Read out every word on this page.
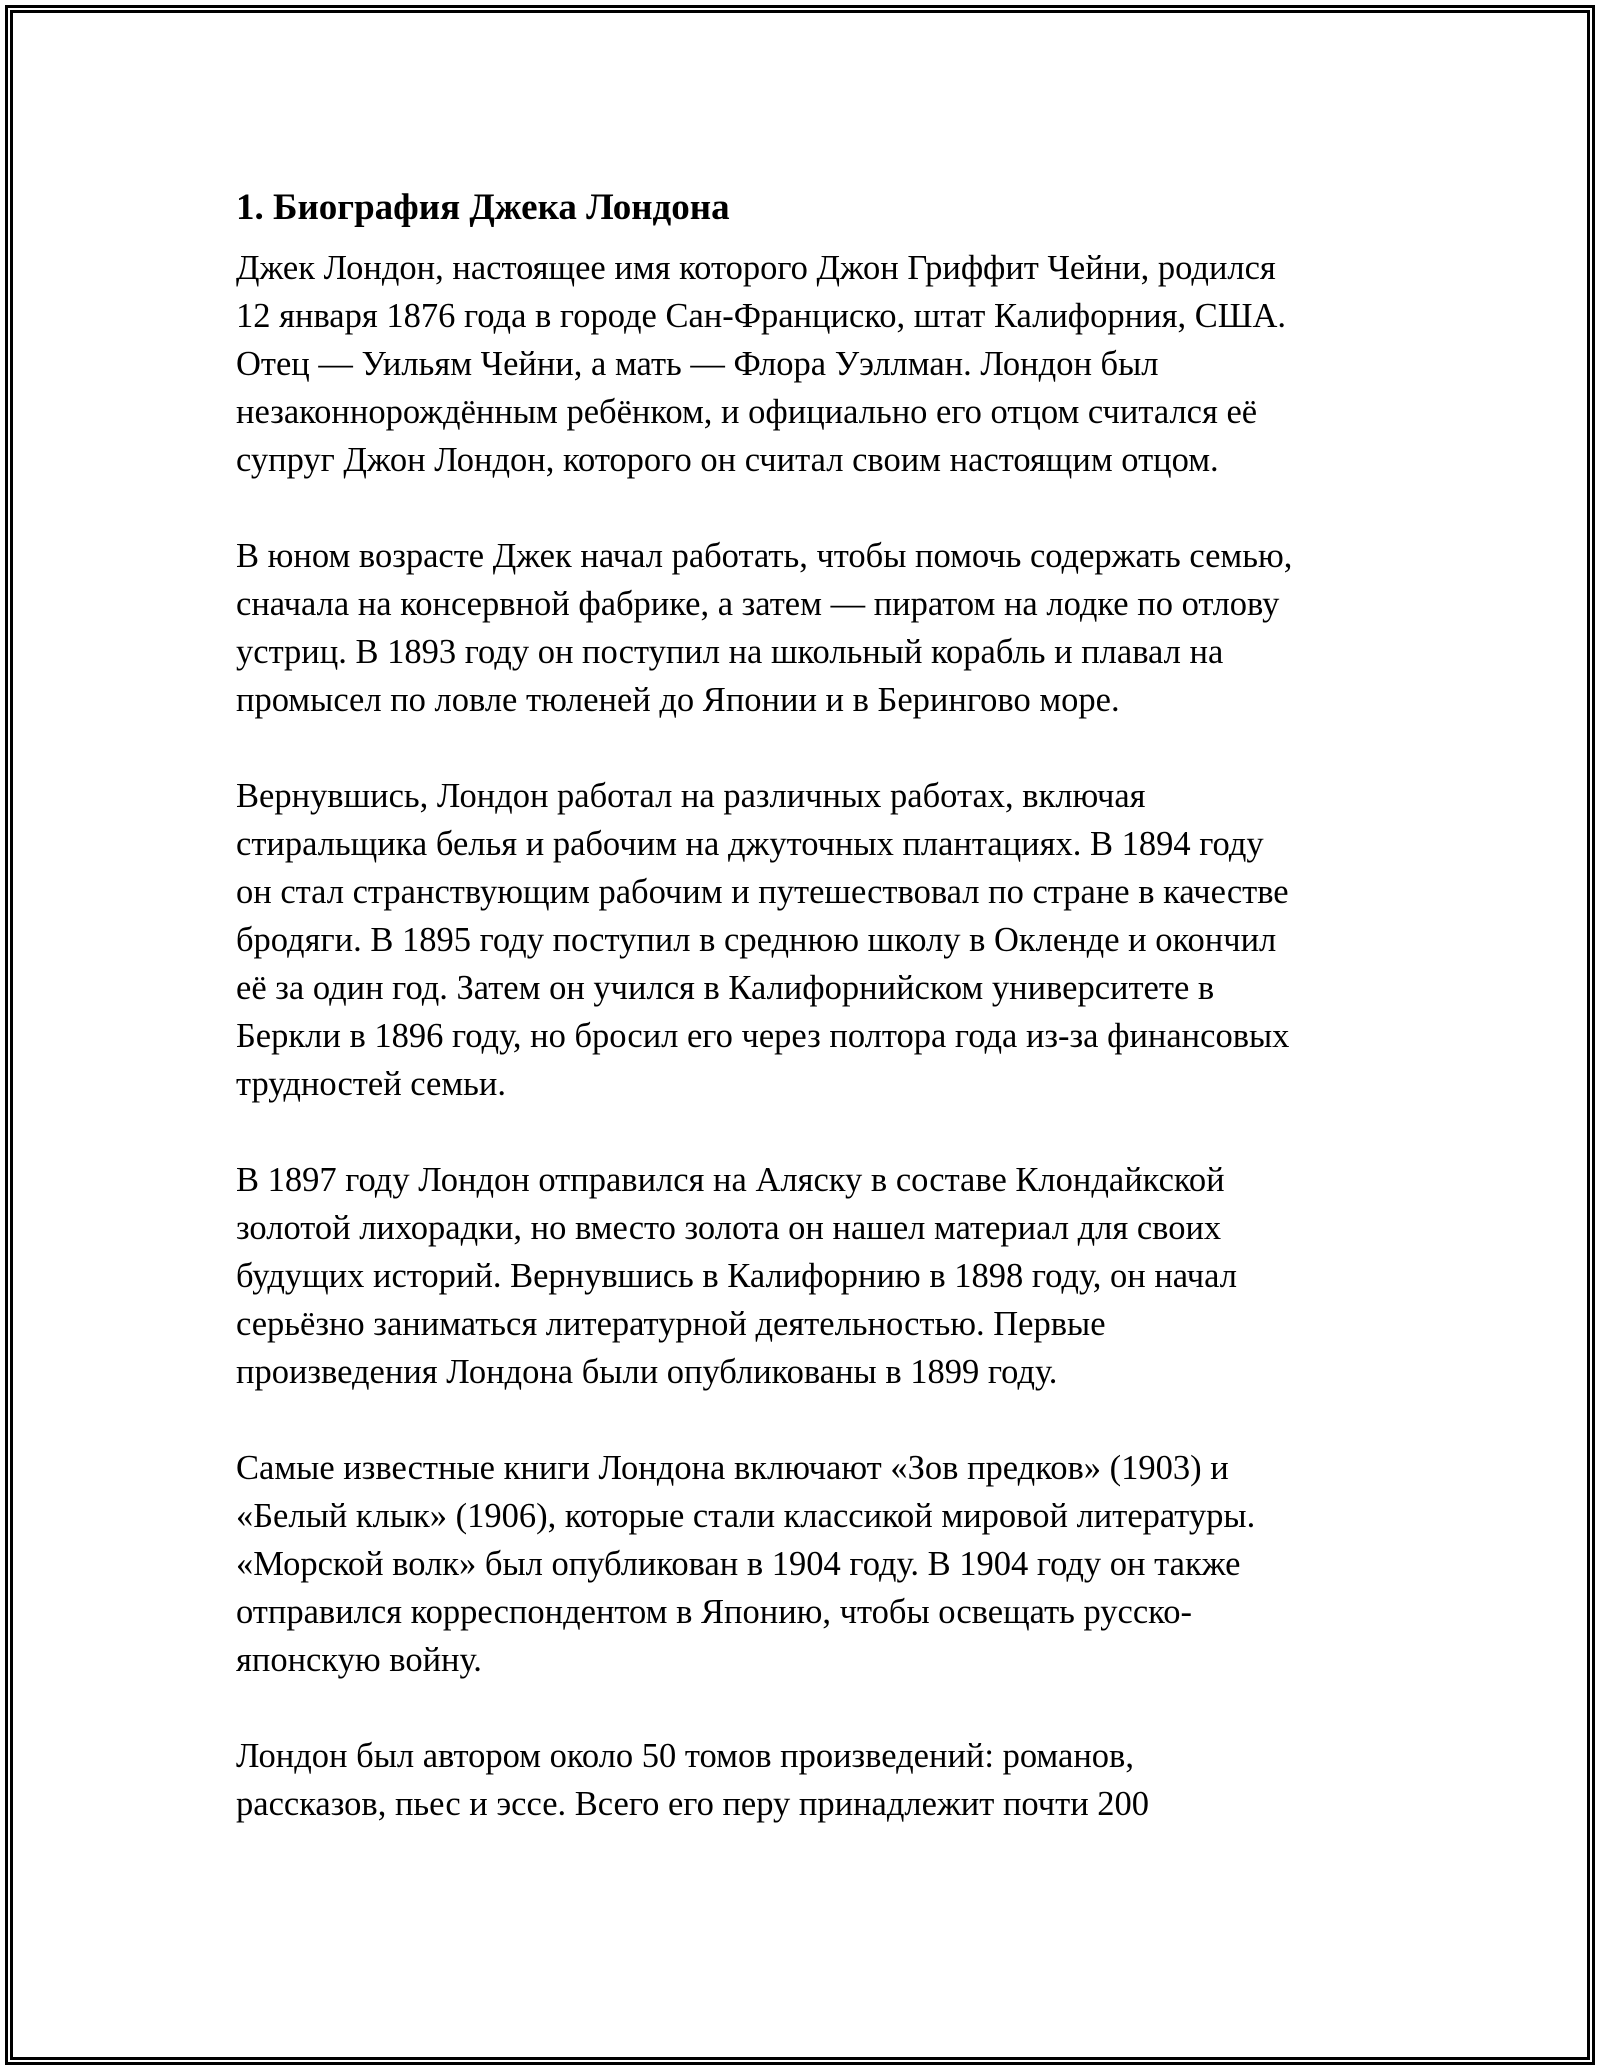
1. Биография Джека Лондона

Джек Лондон, настоящее имя которого Джон Гриффит Чейни, родился
12 января 1876 года в городе Сан-Франциско, штат Калифорния, США.
Отец — Уильям Чейни, а мать — Флора Уэллман. Лондон был
незаконнорождённым ребёнком, и официально его отцом считался её
супруг Джон Лондон, которого он считал своим настоящим отцом.

В юном возрасте Джек начал работать, чтобы помочь содержать семью,
сначала на консервной фабрике, а затем — пиратом на лодке по отлову
устриц. В 1893 году он поступил на школьный корабль и плавал на
промысел по ловле тюленей до Японии и в Берингово море.

Вернувшись, Лондон работал на различных работах, включая
стиральщика белья и рабочим на джуточных плантациях. В 1894 году
он стал странствующим рабочим и путешествовал по стране в качестве
бродяги. В 1895 году поступил в среднюю школу в Окленде и окончил
её за один год. Затем он учился в Калифорнийском университете в
Беркли в 1896 году, но бросил его через полтора года из-за финансовых
трудностей семьи.

В 1897 году Лондон отправился на Аляску в составе Клондайкской
золотой лихорадки, но вместо золота он нашел материал для своих
будущих историй. Вернувшись в Калифорнию в 1898 году, он начал
серьёзно заниматься литературной деятельностью. Первые
произведения Лондона были опубликованы в 1899 году.

Самые известные книги Лондона включают «Зов предков» (1903) и
«Белый клык» (1906), которые стали классикой мировой литературы.
«Морской волк» был опубликован в 1904 году. В 1904 году он также
отправился корреспондентом в Японию, чтобы освещать русско-
японскую войну.

Лондон был автором около 50 томов произведений: романов,
рассказов, пьес и эссе. Всего его перу принадлежит почти 200
